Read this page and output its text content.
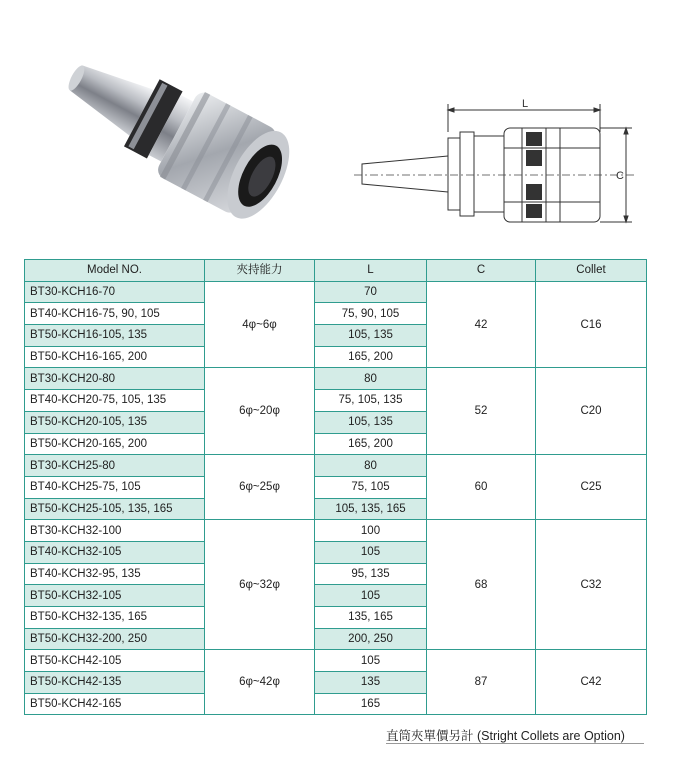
L
C
Model NO.	夾持能力	L	C	Collet
BT30-KCH16-70	4φ~6φ	70	42	C16
BT40-KCH16-75, 90, 105		75, 90, 105		
BT50-KCH16-105, 135		105, 135		
BT50-KCH16-165, 200		165, 200		
BT30-KCH20-80	6φ~20φ	80	52	C20
BT40-KCH20-75, 105, 135		75, 105, 135		
BT50-KCH20-105, 135		105, 135		
BT50-KCH20-165, 200		165, 200		
BT30-KCH25-80	6φ~25φ	80	60	C25
BT40-KCH25-75, 105		75, 105		
BT50-KCH25-105, 135, 165		105, 135, 165		
BT30-KCH32-100	6φ~32φ	100	68	C32
BT40-KCH32-105		105		
BT40-KCH32-95, 135		95, 135		
BT50-KCH32-105		105		
BT50-KCH32-135, 165		135, 165		
BT50-KCH32-200, 250		200, 250		
BT50-KCH42-105	6φ~42φ	105	87	C42
BT50-KCH42-135		135		
BT50-KCH42-165		165		
直筒夾單價另計 (Stright Collets are Option)
